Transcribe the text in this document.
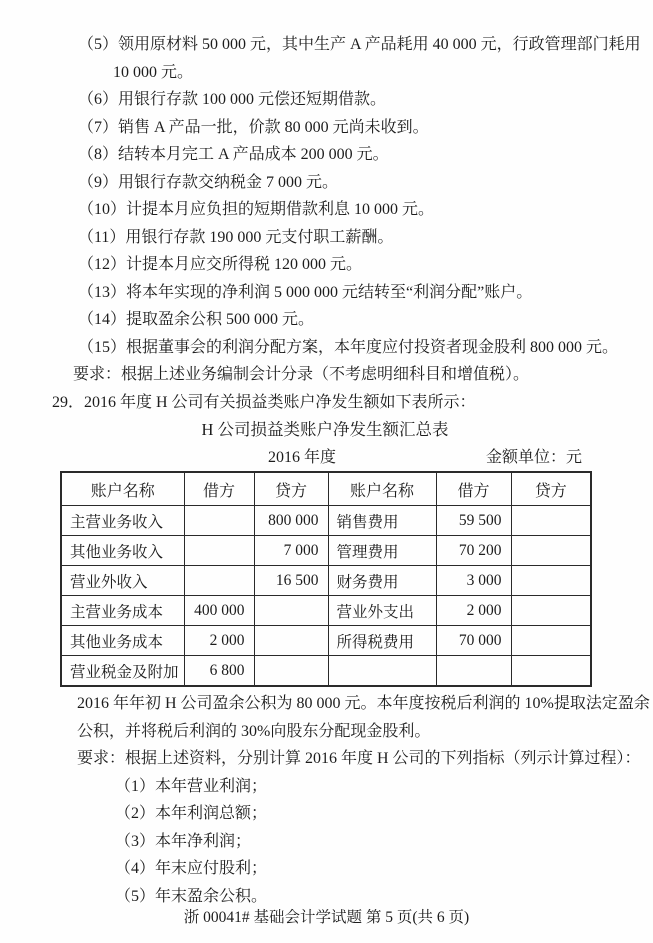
（5）领用原材料 50 000 元，其中生产 A 产品耗用 40 000 元，行政管理部门耗用
10 000 元。
（6）用银行存款 100 000 元偿还短期借款。
（7）销售 A 产品一批，价款 80 000 元尚未收到。
（8）结转本月完工 A 产品成本 200 000 元。
（9）用银行存款交纳税金 7 000 元。
（10）计提本月应负担的短期借款利息 10 000 元。
（11）用银行存款 190 000 元支付职工薪酬。
（12）计提本月应交所得税 120 000 元。
（13）将本年实现的净利润 5 000 000 元结转至“利润分配”账户。
（14）提取盈余公积 500 000 元。
（15）根据董事会的利润分配方案，本年度应付投资者现金股利 800 000 元。
要求：根据上述业务编制会计分录（不考虑明细科目和增值税）。
29．2016 年度 H 公司有关损益类账户净发生额如下表所示：
H 公司损益类账户净发生额汇总表
2016 年度	金额单位：元
账户名称	借方	贷方	账户名称	借方	贷方
主营业务收入		800 000	销售费用	59 500	
其他业务收入		7 000	管理费用	70 200	
营业外收入		16 500	财务费用	3 000	
主营业务成本	400 000		营业外支出	2 000	
其他业务成本	2 000		所得税费用	70 000	
营业税金及附加	6 800				
2016 年年初 H 公司盈余公积为 80 000 元。本年度按税后利润的 10%提取法定盈余
公积，并将税后利润的 30%向股东分配现金股利。
要求：根据上述资料，分别计算 2016 年度 H 公司的下列指标（列示计算过程）：
（1）本年营业利润；
（2）本年利润总额；
（3）本年净利润；
（4）年末应付股利；
（5）年末盈余公积。
浙 00041# 基础会计学试题 第 5 页(共 6 页)
